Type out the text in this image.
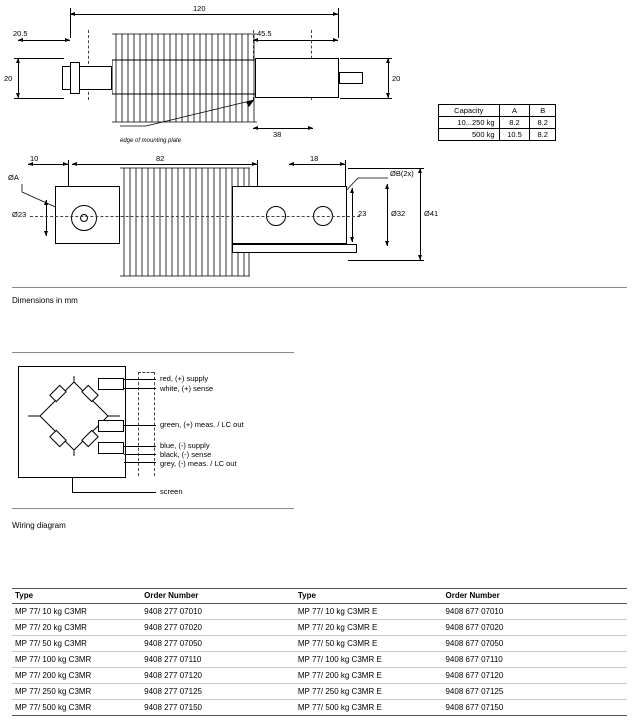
120
20.5	45.5
20	20
38
edge of mounting plate
Capacity	A	B
10...250 kg	8.2	8.2
500 kg	10.5	8.2
10	82	18
ØB(2x)
ØA
Ø23	23	Ø32	Ø41
Dimensions in mm
red, (+) supply
white, (+) sense
green, (+) meas. / LC out
blue, (-) supply
black, (-) sense
grey, (-) meas. / LC out
screen
Wiring diagram
Type	Order Number	Type	Order Number
MP 77/ 10 kg C3MR	9408 277 07010	MP 77/ 10 kg C3MR E	9408 677 07010
MP 77/ 20 kg C3MR	9408 277 07020	MP 77/ 20 kg C3MR E	9408 677 07020
MP 77/ 50 kg C3MR	9408 277 07050	MP 77/ 50 kg C3MR E	9408 677 07050
MP 77/ 100 kg C3MR	9408 277 07110	MP 77/ 100 kg C3MR E	9408 677 07110
MP 77/ 200 kg C3MR	9408 277 07120	MP 77/ 200 kg C3MR E	9408 677 07120
MP 77/ 250 kg C3MR	9408 277 07125	MP 77/ 250 kg C3MR E	9408 677 07125
MP 77/ 500 kg C3MR	9408 277 07150	MP 77/ 500 kg C3MR E	9408 677 07150
